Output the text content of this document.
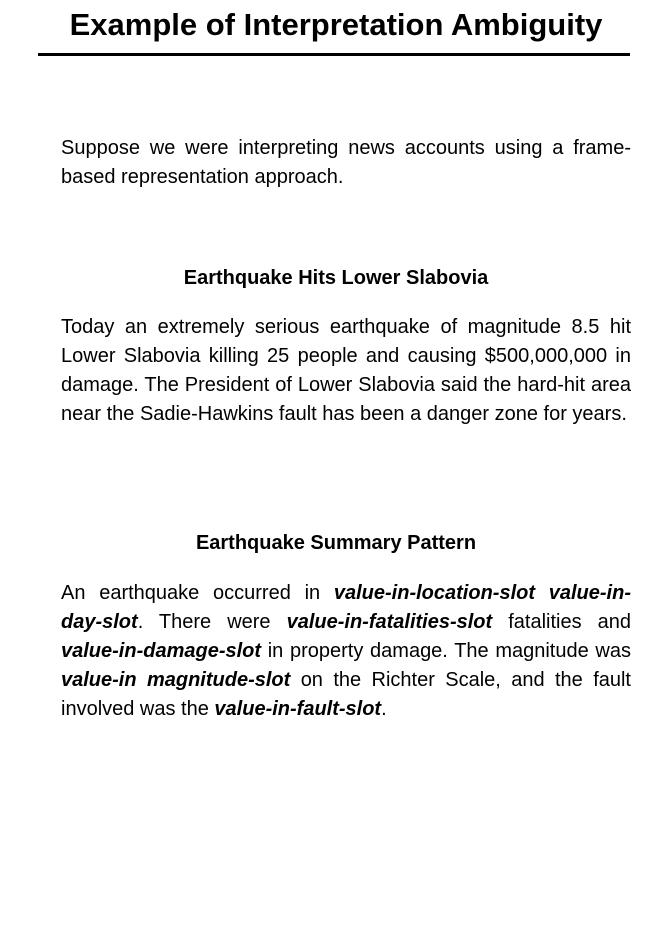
Example of Interpretation Ambiguity

Suppose we were interpreting news accounts using a frame-based representation approach.

Earthquake Hits Lower Slabovia

Today an extremely serious earthquake of magnitude 8.5 hit Lower Slabovia killing 25 people and causing $500,000,000 in damage. The President of Lower Slabovia said the hard-hit area near the Sadie-Hawkins fault has been a danger zone for years.

Earthquake Summary Pattern

An earthquake occurred in value-in-location-slot value-in-day-slot. There were value-in-fatalities-slot fatalities and value-in-damage-slot in property damage. The magnitude was value-in magnitude-slot on the Richter Scale, and the fault involved was the value-in-fault-slot.
